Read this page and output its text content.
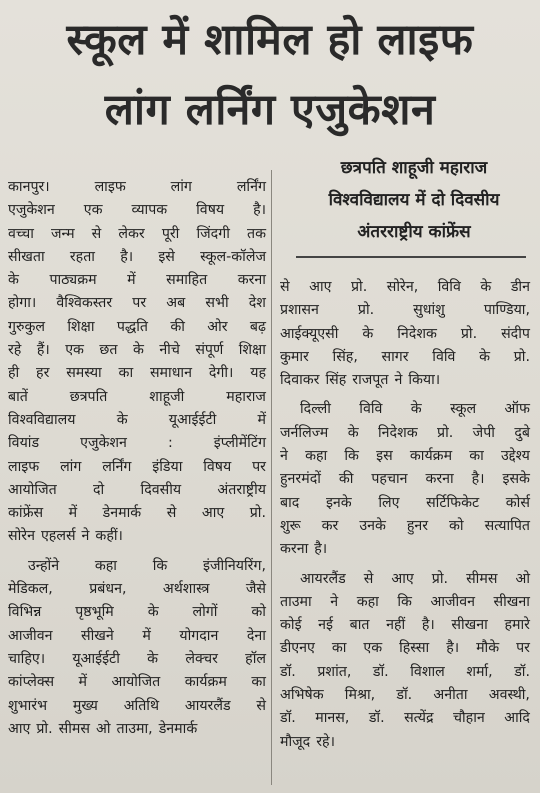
स्कूल में शामिल हो लाइफ
लांग लर्निंग एजुकेशन
छत्रपति शाहूजी महाराज
विश्वविद्यालय में दो दिवसीय
अंतरराष्ट्रीय कांफ्रेंस
कानपुर।	लाइफ	लांग	लर्निंग
एजुकेशन एक व्यापक विषय है।
वच्चा जन्म से लेकर पूरी जिंदगी तक
सीखता रहता है। इसे स्कूल-कॉलेज
के पाठ्यक्रम में समाहित करना
होगा। वैश्विकस्तर पर अब सभी देश
गुरुकुल शिक्षा पद्धति की ओर बढ़
रहे हैं। एक छत के नीचे संपूर्ण शिक्षा
ही हर समस्या का समाधान देगी। यह
बातें	छत्रपति	शाहूजी	महाराज
विश्वविद्यालय	के	यूआईईटी	में
वियांड	एजुकेशन	:	इंप्लीमेंटिंग
लाइफ लांग लर्निंग इंडिया विषय पर
आयोजित	दो	दिवसीय	अंतराष्ट्रीय
कांफ्रेंस में डेनमार्क से आए प्रो.
सोरेन एहलर्स ने कहीं।
उन्होंने	कहा	कि	इंजीनियरिंग,
मेडिकल,	प्रबंधन,	अर्थशास्त्र	जैसे
विभिन्न पृष्ठभूमि के लोगों को
आजीवन सीखने में योगदान देना
चाहिए। यूआईईटी के लेक्चर हॉल
कांप्लेक्स में आयोजित कार्यक्रम का
शुभारंभ मुख्य अतिथि आयरलैंड से
आए प्रो. सीमस ओ ताउमा, डेनमार्क
से आए प्रो. सोरेन, विवि के डीन
प्रशासन	प्रो.	सुधांशु	पाण्डिया,
आईक्यूएसी के निदेशक प्रो. संदीप
कुमार सिंह, सागर विवि के प्रो.
दिवाकर सिंह राजपूत ने किया।
दिल्ली विवि के स्कूल ऑफ
जर्नलिज्म के निदेशक प्रो. जेपी दुबे
ने कहा कि इस कार्यक्रम का उद्देश्य
हुनरमंदों की पहचान करना है। इसके
बाद इनके लिए सर्टिफिकेट कोर्स
शुरू कर उनके हुनर को सत्यापित
करना है।
आयरलैंड से आए प्रो. सीमस ओ
ताउमा ने कहा कि आजीवन सीखना
कोई नई बात नहीं है। सीखना हमारे
डीएनए का एक हिस्सा है। मौके पर
डॉ. प्रशांत, डॉ. विशाल शर्मा, डॉ.
अभिषेक मिश्रा, डॉ. अनीता अवस्थी,
डॉ. मानस, डॉ. सत्येंद्र चौहान आदि
मौजूद रहे।
